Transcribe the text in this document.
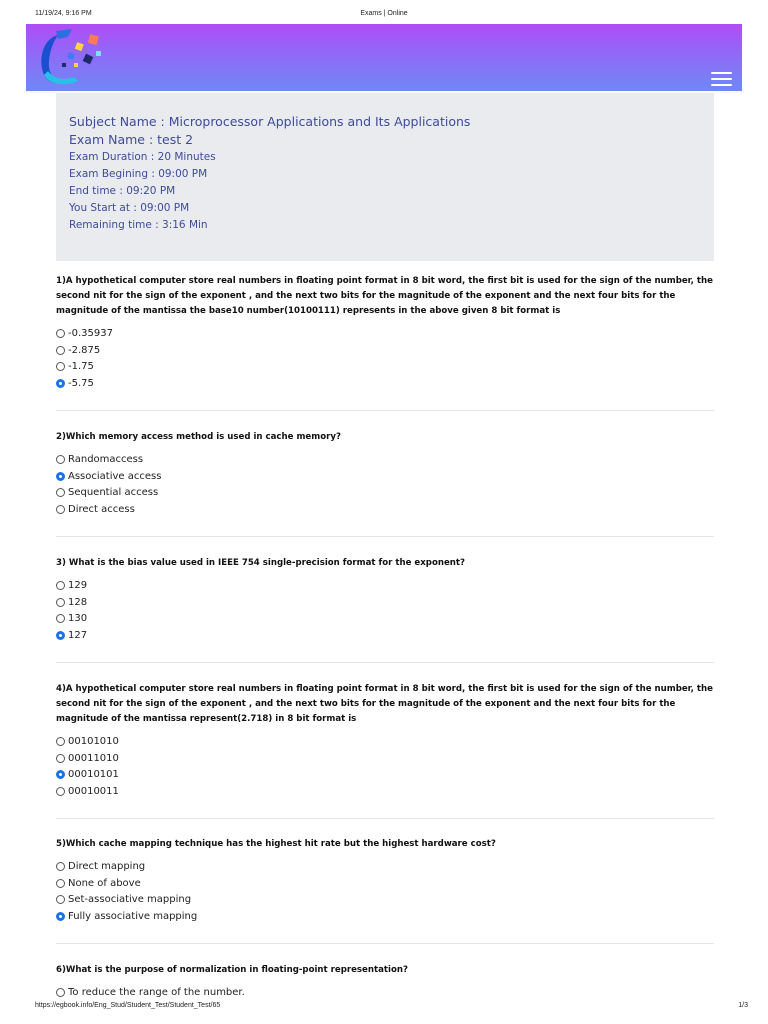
11/19/24, 9:16 PM	Exams | Online
Subject Name : Microprocessor Applications and Its Applications
Exam Name : test 2
Exam Duration : 20 Minutes
Exam Begining : 09:00 PM
End time : 09:20 PM
You Start at : 09:00 PM
Remaining time : 3:16 Min
1)A hypothetical computer store real numbers in floating point format in 8 bit word, the first bit is used for the sign of the number, the
second nit for the sign of the exponent , and the next two bits for the magnitude of the exponent and the next four bits for the
magnitude of the mantissa the base10 number(10100111) represents in the above given 8 bit format is
-0.35937
-2.875
-1.75
-5.75
2)Which memory access method is used in cache memory?
Randomaccess
Associative access
Sequential access
Direct access
3) What is the bias value used in IEEE 754 single-precision format for the exponent?
129
128
130
127
4)A hypothetical computer store real numbers in floating point format in 8 bit word, the first bit is used for the sign of the number, the
second nit for the sign of the exponent , and the next two bits for the magnitude of the exponent and the next four bits for the
magnitude of the mantissa represent(2.718) in 8 bit format is
00101010
00011010
00010101
00010011
5)Which cache mapping technique has the highest hit rate but the highest hardware cost?
Direct mapping
None of above
Set-associative mapping
Fully associative mapping
6)What is the purpose of normalization in floating-point representation?
To reduce the range of the number.
https://egbook.info/Eng_Stud/Student_Test/Student_Test/65	1/3
